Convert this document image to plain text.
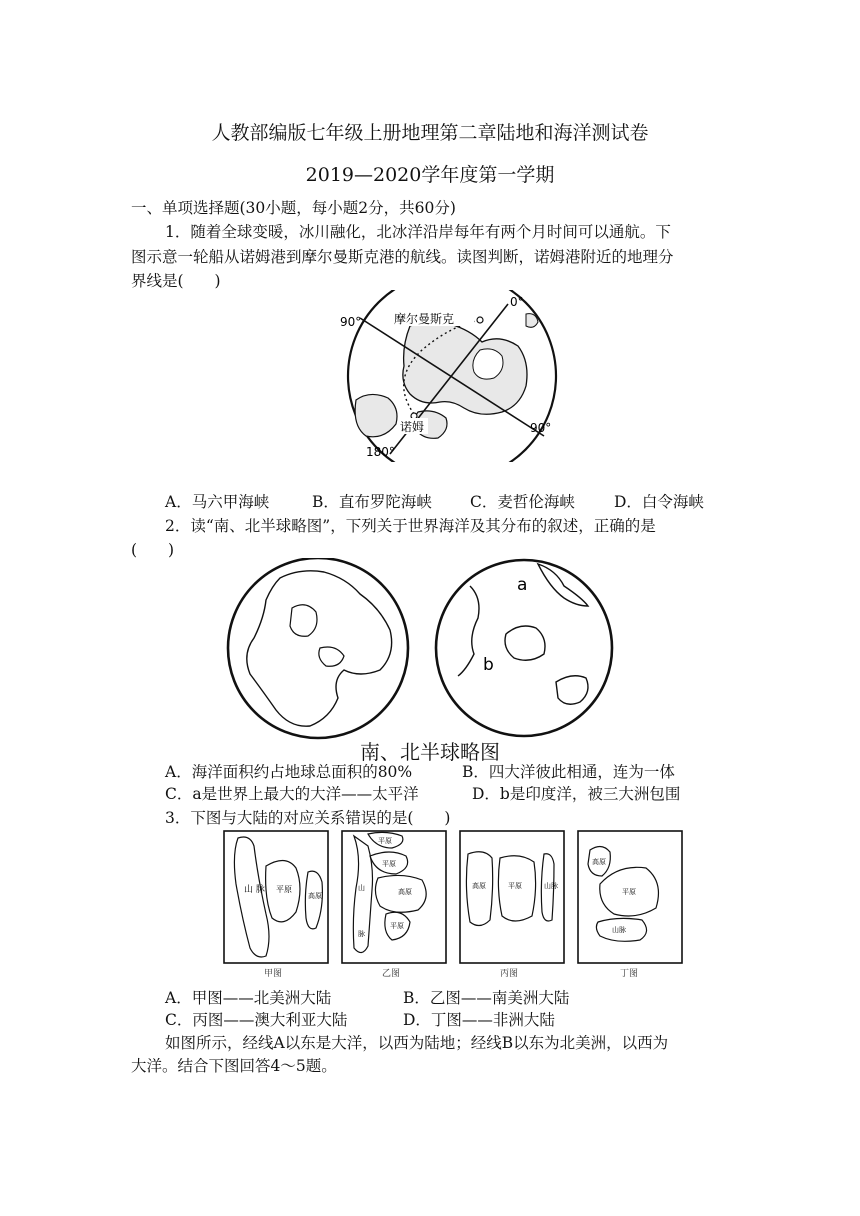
人教部编版七年级上册地理第二章陆地和海洋测试卷
2019—2020学年度第一学期
一、单项选择题(30小题，每小题2分，共60分)
1．随着全球变暖，冰川融化，北冰洋沿岸每年有两个月时间可以通航。下
图示意一轮船从诺姆港到摩尔曼斯克港的航线。读图判断，诺姆港附近的地理分
界线是(　　)
0°
90°
90°
180°
摩尔曼斯克
诺姆
A．马六甲海峡	B．直布罗陀海峡 C．麦哲伦海峡	D．白令海峡
2．读“南、北半球略图”，下列关于世界海洋及其分布的叙述，正确的是
(　　)
a
b
南、北半球略图
A．海洋面积约占地球总面积的80%	B．四大洋彼此相通，连为一体
C．a是世界上最大的大洋——太平洋	D．b是印度洋，被三大洲包围
3．下图与大陆的对应关系错误的是(　　)
山 脉 平原
高原
甲图
平原
平原
山	高原
平原
脉
乙图
高原	平原	山脉
丙图
高原
平原
山脉
丁图
A．甲图——北美洲大陆	B．乙图——南美洲大陆
C．丙图——澳大利亚大陆	D．丁图——非洲大陆
如图所示，经线A以东是大洋，以西为陆地；经线B以东为北美洲，以西为
大洋。结合下图回答4～5题。
